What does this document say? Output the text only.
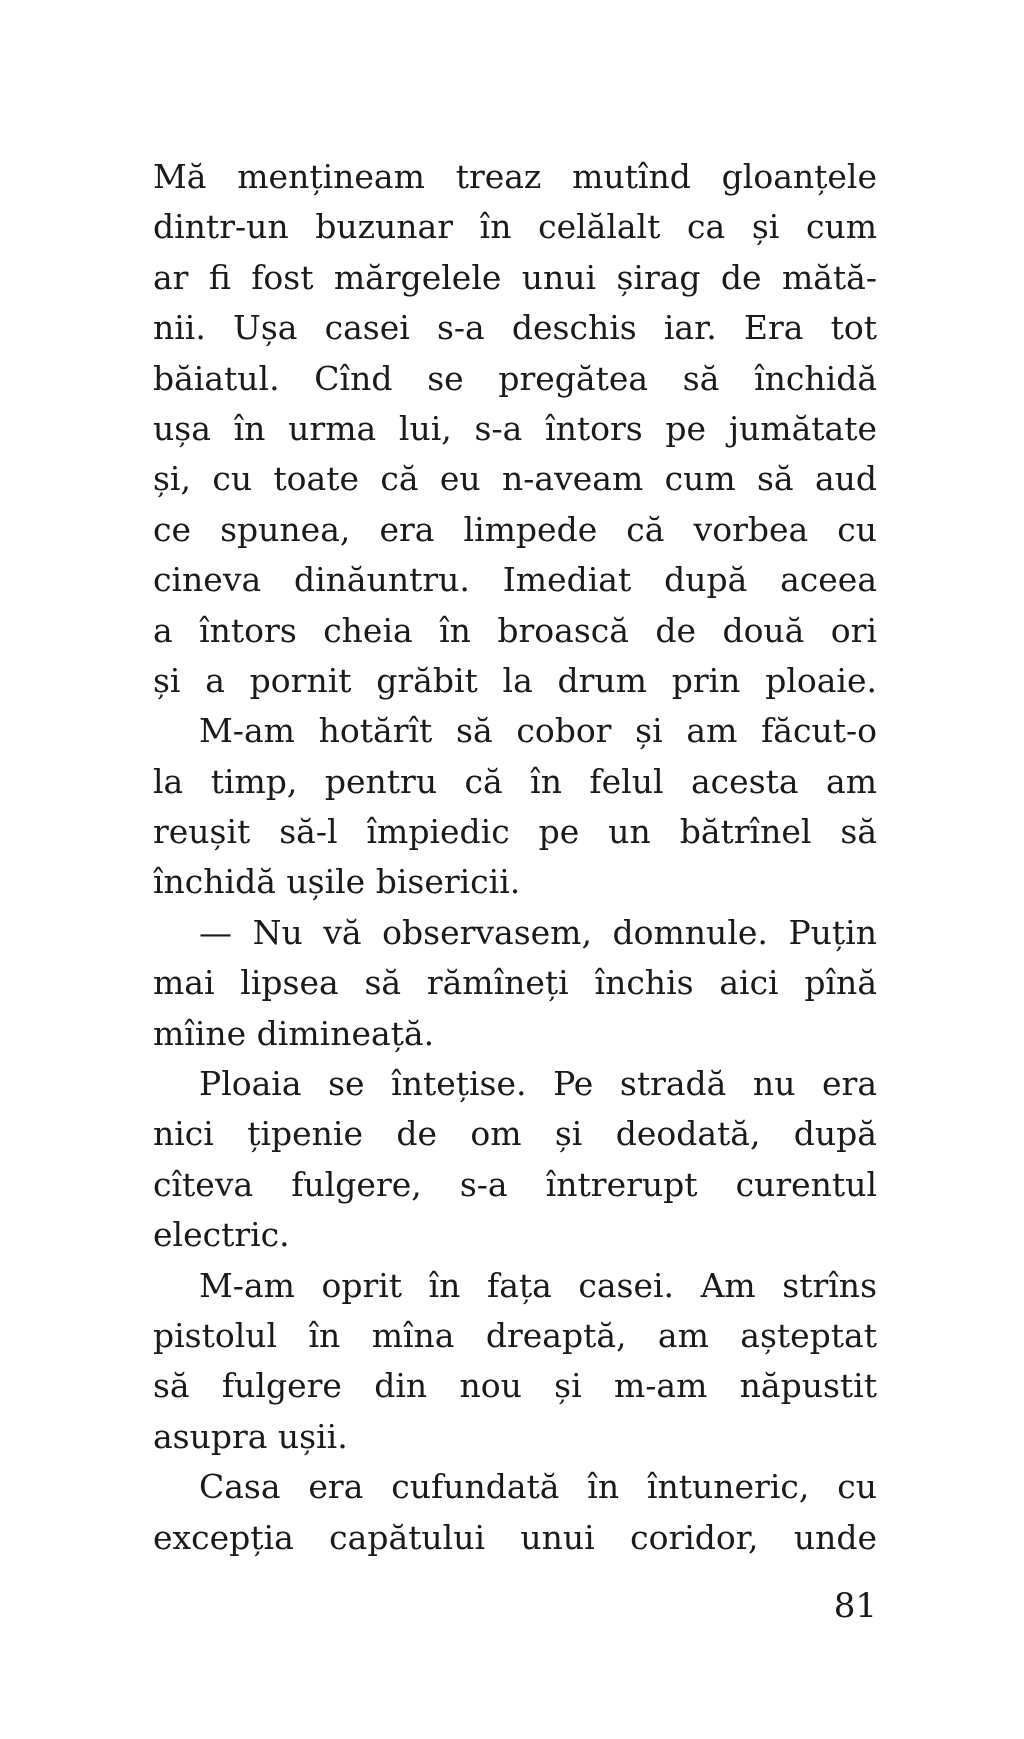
Mă mențineam treaz mutînd gloanțele
dintr-un buzunar în celălalt ca și cum
ar fi fost mărgelele unui șirag de mătă-
nii. Ușa casei s-a deschis iar. Era tot
băiatul. Cînd se pregătea să închidă
ușa în urma lui, s-a întors pe jumătate
și, cu toate că eu n-aveam cum să aud
ce spunea, era limpede că vorbea cu
cineva dinăuntru. Imediat după aceea
a întors cheia în broască de două ori
și a pornit grăbit la drum prin ploaie.
M-am hotărît să cobor și am făcut-o
la timp, pentru că în felul acesta am
reușit să-l împiedic pe un bătrînel să
închidă ușile bisericii.
— Nu vă observasem, domnule. Puțin
mai lipsea să rămîneți închis aici pînă
mîine dimineață.
Ploaia se întețise. Pe stradă nu era
nici țipenie de om și deodată, după
cîteva fulgere, s-a întrerupt curentul
electric.
M-am oprit în fața casei. Am strîns
pistolul în mîna dreaptă, am așteptat
să fulgere din nou și m-am năpustit
asupra ușii.
Casa era cufundată în întuneric, cu
excepția capătului unui coridor, unde
81
